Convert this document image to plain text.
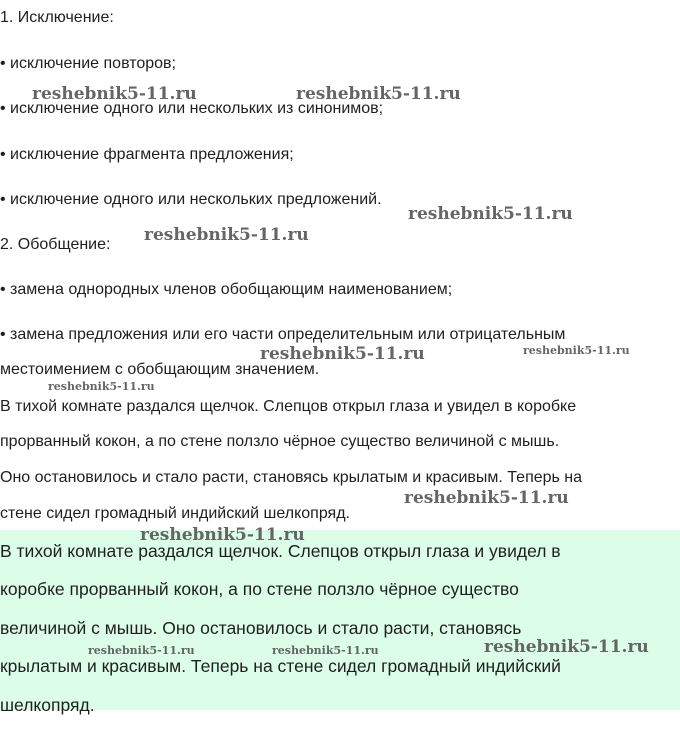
1. Исключение:
• исключение повторов;
• исключение одного или нескольких из синонимов;
• исключение фрагмента предложения;
• исключение одного или нескольких предложений.
2. Обобщение:
• замена однородных членов обобщающим наименованием;
• замена предложения или его части определительным или отрицательным
местоимением с обобщающим значением.
В тихой комнате раздался щелчок. Слепцов открыл глаза и увидел в коробке
прорванный кокон, а по стене ползло чёрное существо величиной с мышь.
Оно остановилось и стало расти, становясь крылатым и красивым. Теперь на
стене сидел громадный индийский шелкопряд.
В тихой комнате раздался щелчок. Слепцов открыл глаза и увидел в
коробке прорванный кокон, а по стене ползло чёрное существо
величиной с мышь. Оно остановилось и стало расти, становясь
крылатым и красивым. Теперь на стене сидел громадный индийский
шелкопряд.
reshebnik5-11.ru	reshebnik5-11.ru
reshebnik5-11.ru
reshebnik5-11.ru
reshebnik5-11.ru	reshebnik5-11.ru
reshebnik5-11.ru
reshebnik5-11.ru
reshebnik5-11.ru
reshebnik5-11.ru
reshebnik5-11.ru	reshebnik5-11.ru
